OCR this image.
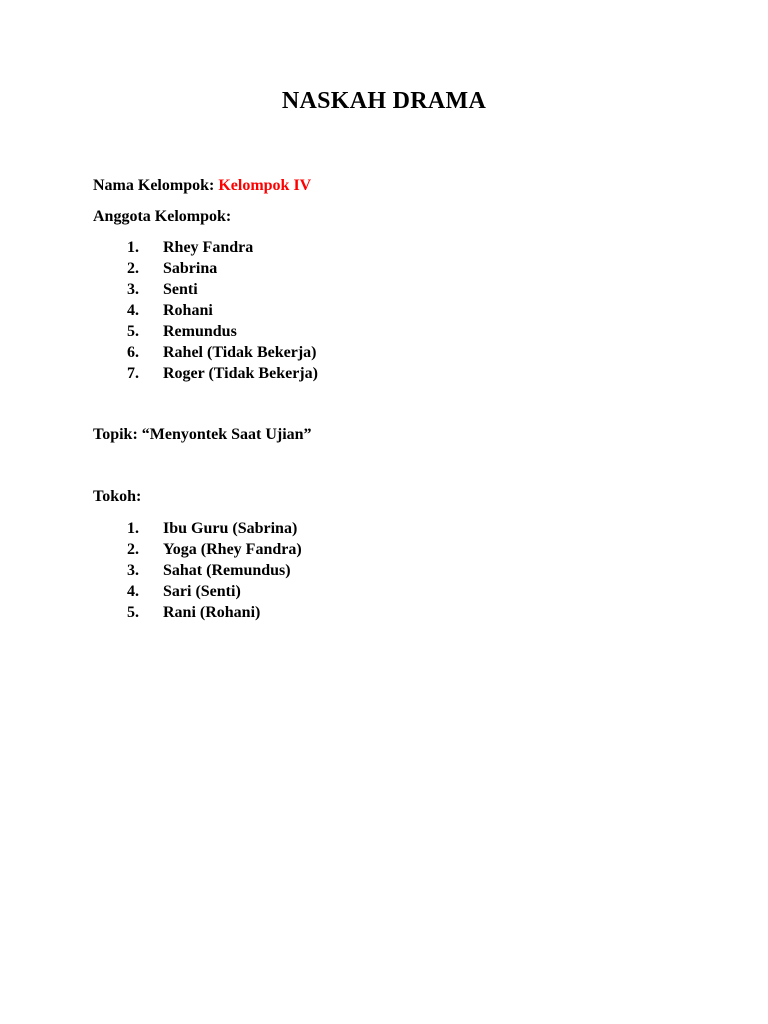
NASKAH DRAMA

Nama Kelompok: Kelompok IV

Anggota Kelompok:

1. Rhey Fandra
2. Sabrina
3. Senti
4. Rohani
5. Remundus
6. Rahel (Tidak Bekerja)
7. Roger (Tidak Bekerja)

Topik: “Menyontek Saat Ujian”

Tokoh:

1. Ibu Guru (Sabrina)
2. Yoga (Rhey Fandra)
3. Sahat (Remundus)
4. Sari (Senti)
5. Rani (Rohani)
